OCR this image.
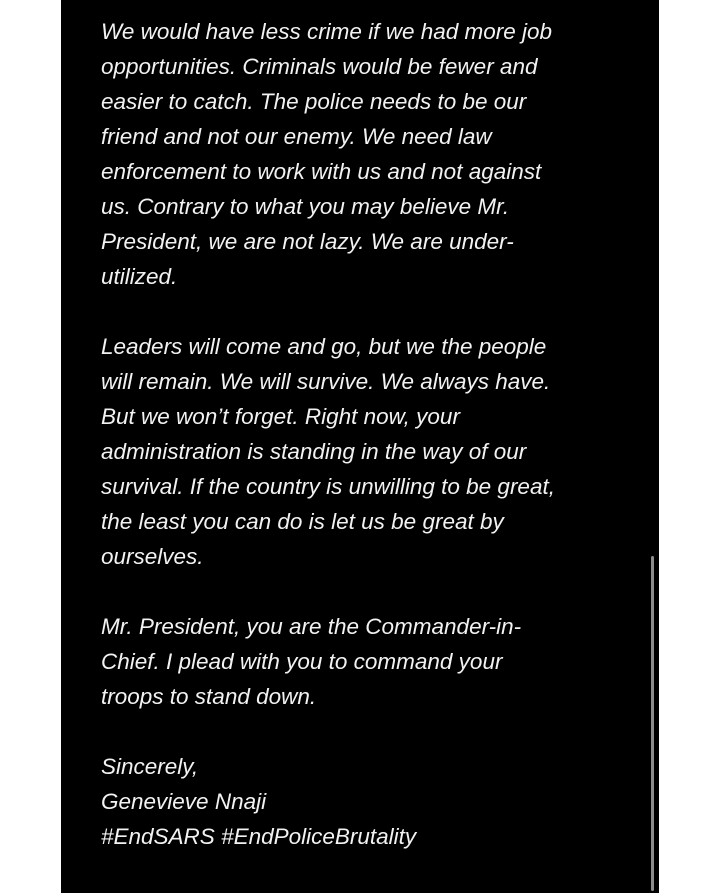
We would have less crime if we had more job
opportunities. Criminals would be fewer and
easier to catch. The police needs to be our
friend and not our enemy. We need law
enforcement to work with us and not against
us. Contrary to what you may believe Mr.
President, we are not lazy. We are under-
utilized.
Leaders will come and go, but we the people
will remain. We will survive. We always have.
But we won’t forget. Right now, your
administration is standing in the way of our
survival. If the country is unwilling to be great,
the least you can do is let us be great by
ourselves.
Mr. President, you are the Commander-in-
Chief. I plead with you to command your
troops to stand down.
Sincerely,
Genevieve Nnaji
#EndSARS #EndPoliceBrutality
